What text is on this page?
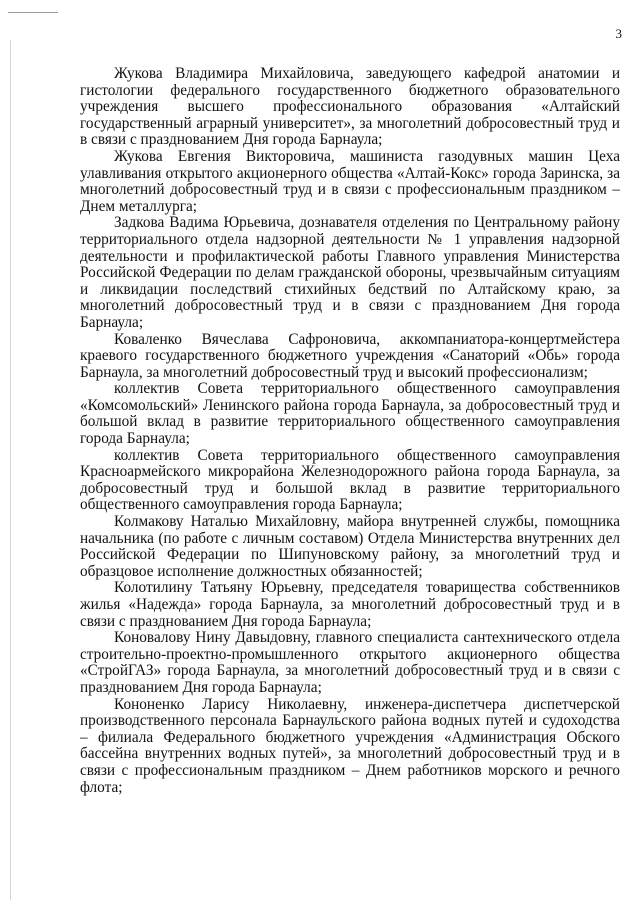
3

Жукова Владимира Михайловича, заведующего кафедрой анатомии и гистологии федерального государственного бюджетного образовательного учреждения высшего профессионального образования «Алтайский государственный аграрный университет», за многолетний добросовестный труд и в связи с празднованием Дня города Барнаула;

Жукова Евгения Викторовича, машиниста газодувных машин Цеха улавливания открытого акционерного общества «Алтай-Кокс» города Заринска, за многолетний добросовестный труд и в связи с профессиональным праздником – Днем металлурга;

Задкова Вадима Юрьевича, дознавателя отделения по Центральному району территориального отдела надзорной деятельности № 1 управления надзорной деятельности и профилактической работы Главного управления Министерства Российской Федерации по делам гражданской обороны, чрезвычайным ситуациям и ликвидации последствий стихийных бедствий по Алтайскому краю, за многолетний добросовестный труд и в связи с празднованием Дня города Барнаула;

Коваленко Вячеслава Сафроновича, аккомпаниатора-концертмейстера краевого государственного бюджетного учреждения «Санаторий «Обь» города Барнаула, за многолетний добросовестный труд и высокий профессионализм;

коллектив Совета территориального общественного самоуправления «Комсомольский» Ленинского района города Барнаула, за добросовестный труд и большой вклад в развитие территориального общественного самоуправления города Барнаула;

коллектив Совета территориального общественного самоуправления Красноармейского микрорайона Железнодорожного района города Барнаула, за добросовестный труд и большой вклад в развитие территориального общественного самоуправления города Барнаула;

Колмакову Наталью Михайловну, майора внутренней службы, помощника начальника (по работе с личным составом) Отдела Министерства внутренних дел Российской Федерации по Шипуновскому району, за многолетний труд и образцовое исполнение должностных обязанностей;

Колотилину Татьяну Юрьевну, председателя товарищества собственников жилья «Надежда» города Барнаула, за многолетний добросовестный труд и в связи с празднованием Дня города Барнаула;

Коновалову Нину Давыдовну, главного специалиста сантехнического отдела строительно-проектно-промышленного открытого акционерного общества «СтройГАЗ» города Барнаула, за многолетний добросовестный труд и в связи с празднованием Дня города Барнаула;

Кононенко Ларису Николаевну, инженера-диспетчера диспетчерской производственного персонала Барнаульского района водных путей и судоходства – филиала Федерального бюджетного учреждения «Администрация Обского бассейна внутренних водных путей», за многолетний добросовестный труд и в связи с профессиональным праздником – Днем работников морского и речного флота;
